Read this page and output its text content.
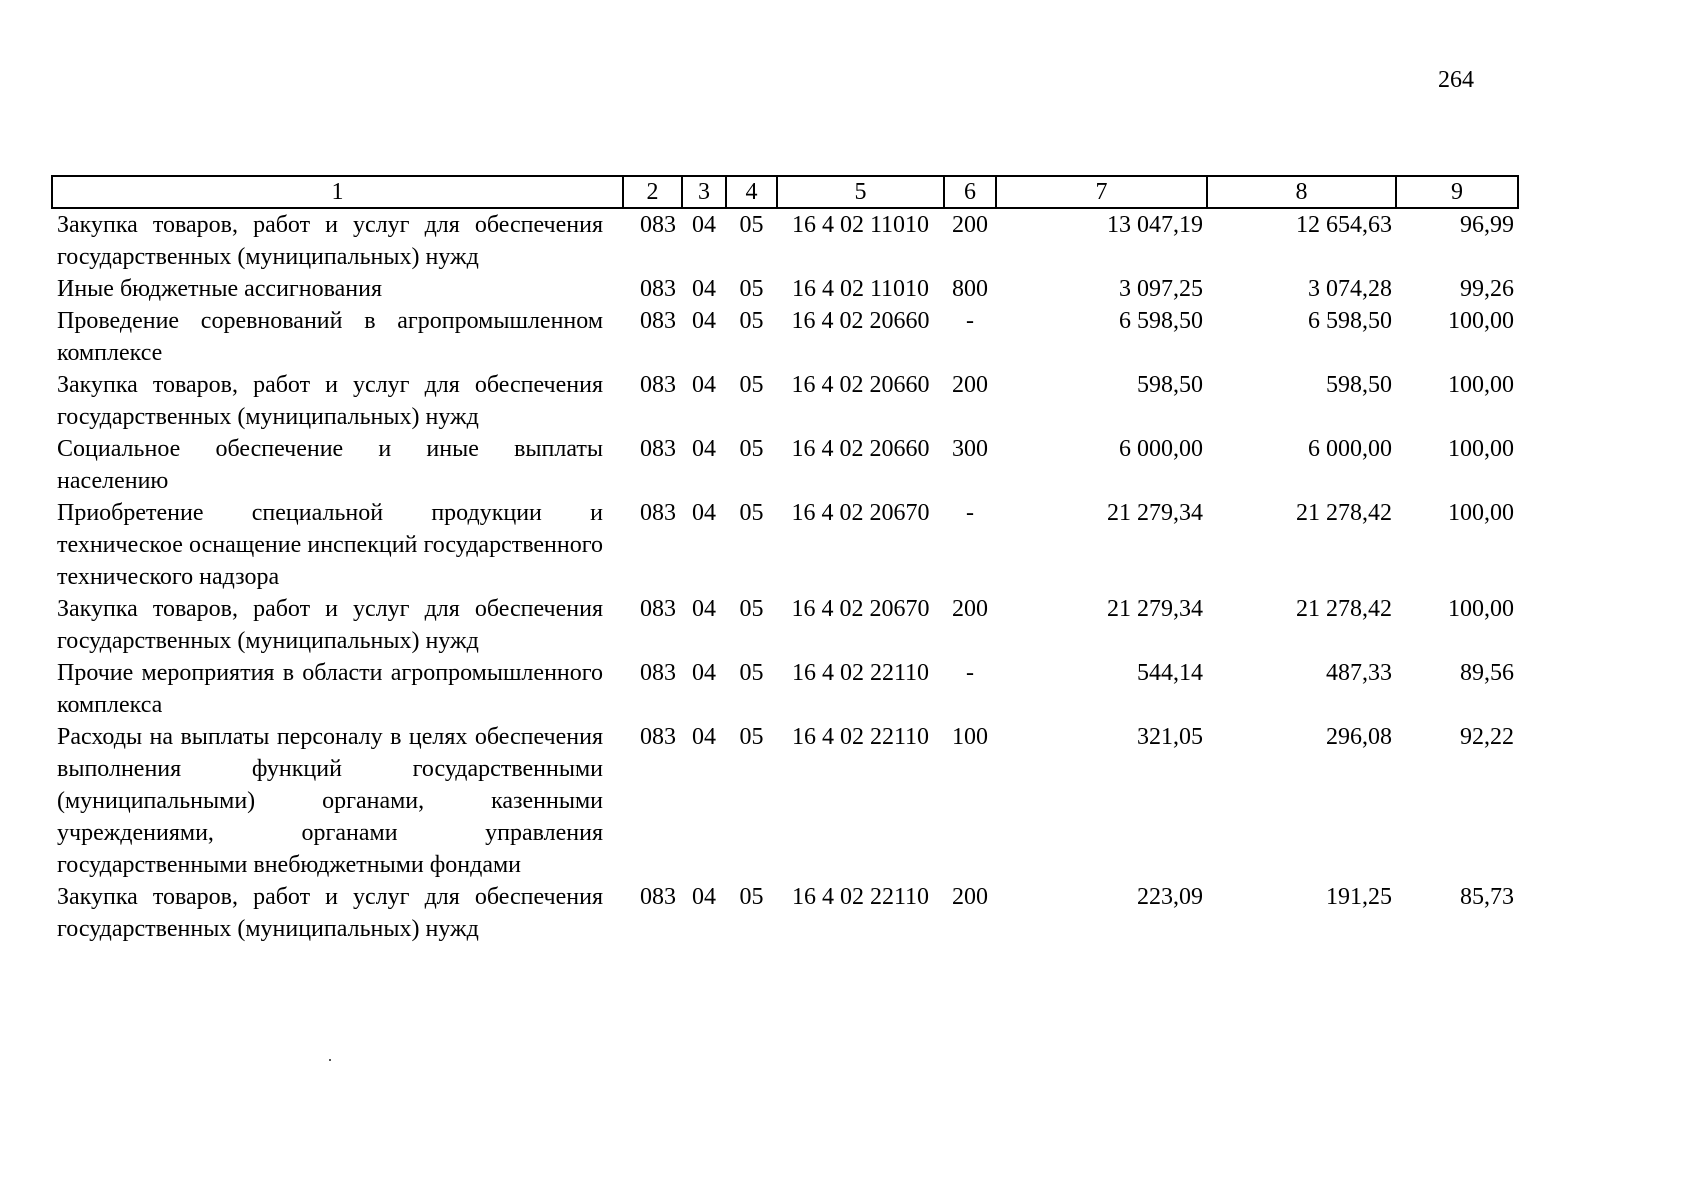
264
1	2	3	4	5	6	7	8	9
Закупка товаров, работ и услуг для обеспечения государственных (муниципальных) нужд	083	04	05	16 4 02 11010	200	13 047,19	12 654,63	96,99
Иные бюджетные ассигнования	083	04	05	16 4 02 11010	800	3 097,25	3 074,28	99,26
Проведение соревнований в агропромышленном комплексе	083	04	05	16 4 02 20660	-	6 598,50	6 598,50	100,00
Закупка товаров, работ и услуг для обеспечения государственных (муниципальных) нужд	083	04	05	16 4 02 20660	200	598,50	598,50	100,00
Социальное обеспечение и иные выплаты населению	083	04	05	16 4 02 20660	300	6 000,00	6 000,00	100,00
Приобретение специальной продукции и техническое оснащение инспекций государственного технического надзора	083	04	05	16 4 02 20670	-	21 279,34	21 278,42	100,00
Закупка товаров, работ и услуг для обеспечения государственных (муниципальных) нужд	083	04	05	16 4 02 20670	200	21 279,34	21 278,42	100,00
Прочие мероприятия в области агропромышленного комплекса	083	04	05	16 4 02 22110	-	544,14	487,33	89,56
Расходы на выплаты персоналу в целях обеспечения выполнения функций государственными (муниципальными) органами, казенными учреждениями, органами управления государственными внебюджетными фондами	083	04	05	16 4 02 22110	100	321,05	296,08	92,22
Закупка товаров, работ и услуг для обеспечения государственных (муниципальных) нужд	083	04	05	16 4 02 22110	200	223,09	191,25	85,73
